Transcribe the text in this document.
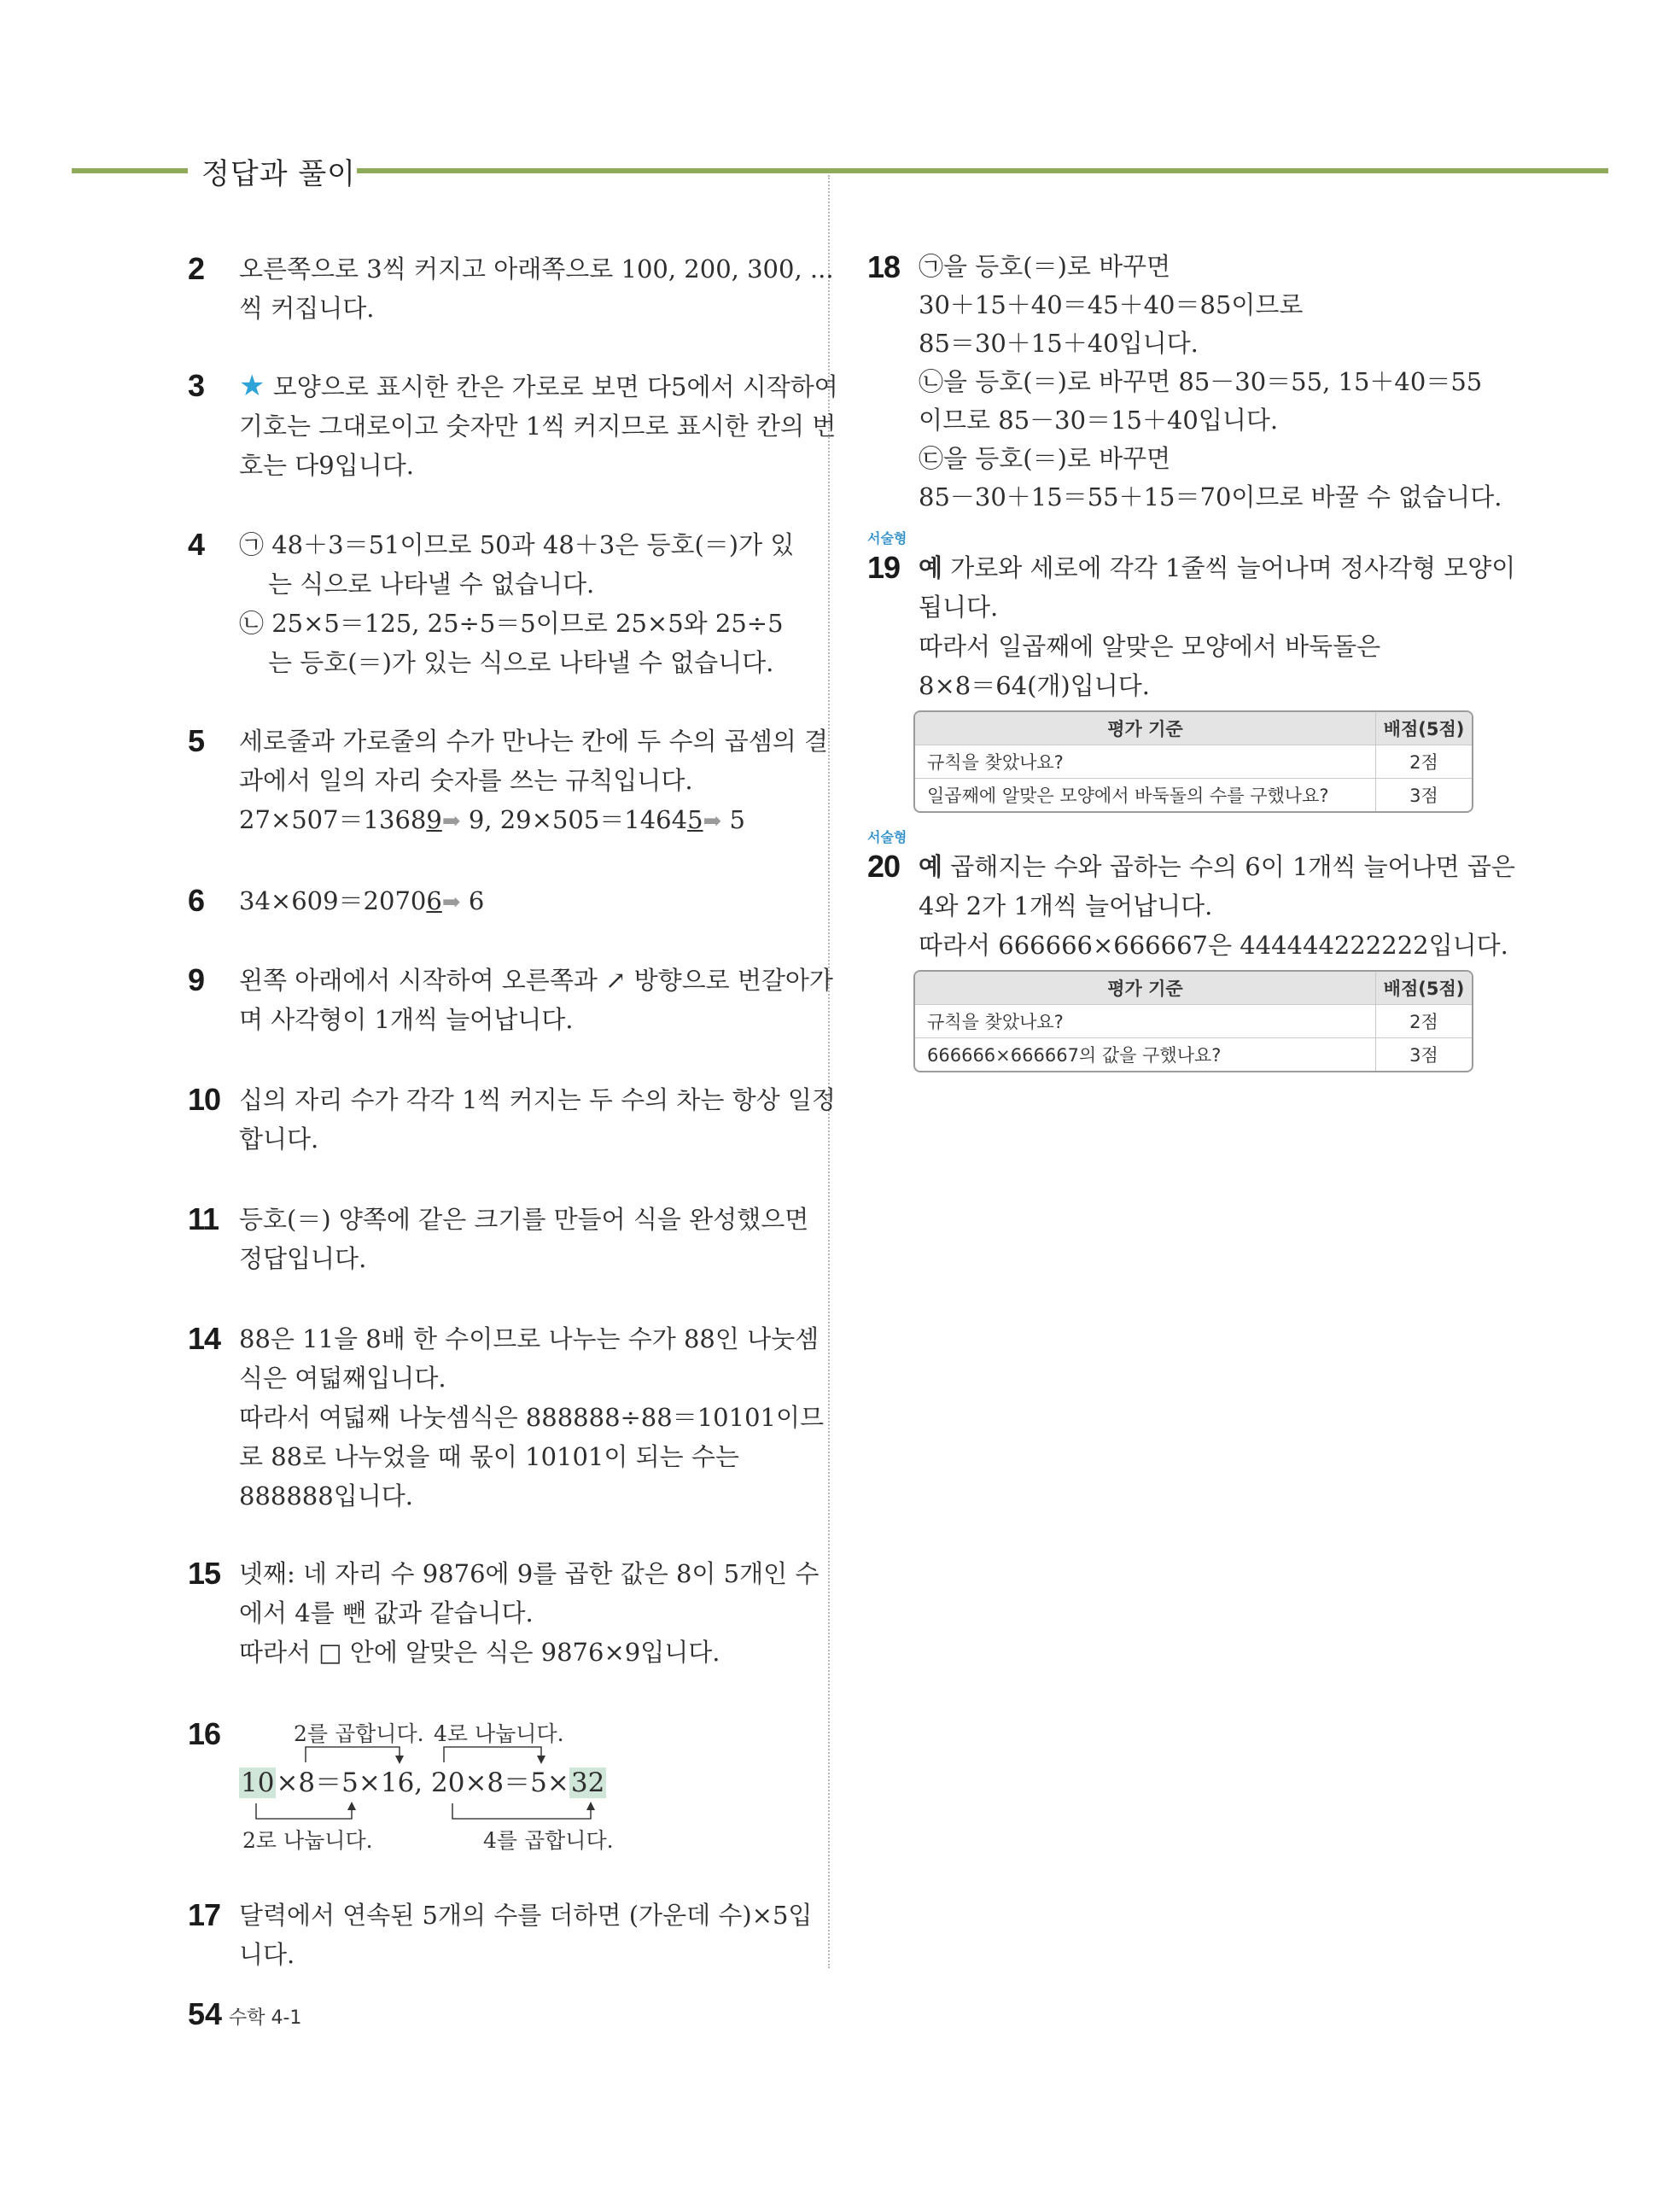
정답과 풀이
2 오른쪽으로 3씩 커지고 아래쪽으로 100, 200, 300, ...
씩 커집니다.
3 ★ 모양으로 표시한 칸은 가로로 보면 다5에서 시작하여
기호는 그대로이고 숫자만 1씩 커지므로 표시한 칸의 번
호는 다9입니다.
4 ㉠ 48＋3＝51이므로 50과 48＋3은 등호(＝)가 있
는 식으로 나타낼 수 없습니다.
㉡ 25×5＝125, 25÷5＝5이므로 25×5와 25÷5
는 등호(＝)가 있는 식으로 나타낼 수 없습니다.
5 세로줄과 가로줄의 수가 만나는 칸에 두 수의 곱셈의 결
과에서 일의 자리 숫자를 쓰는 규칙입니다.
27×507＝13689➡ 9, 29×505＝14645➡ 5
6 34×609＝20706➡ 6
9 왼쪽 아래에서 시작하여 오른쪽과 ↗ 방향으로 번갈아가
며 사각형이 1개씩 늘어납니다.
10 십의 자리 수가 각각 1씩 커지는 두 수의 차는 항상 일정
합니다.
11 등호(＝) 양쪽에 같은 크기를 만들어 식을 완성했으면
정답입니다.
14 88은 11을 8배 한 수이므로 나누는 수가 88인 나눗셈
식은 여덟째입니다.
따라서 여덟째 나눗셈식은 888888÷88＝10101이므
로 88로 나누었을 때 몫이 10101이 되는 수는
888888입니다.
15 넷째: 네 자리 수 9876에 9를 곱한 값은 8이 5개인 수
에서 4를 뺀 값과 같습니다.
따라서 □ 안에 알맞은 식은 9876×9입니다.
16	2를 곱합니다. 4로 나눕니다.
10×8＝5×16, 20×8＝5×32
2로 나눕니다.	4를 곱합니다.
17 달력에서 연속된 5개의 수를 더하면 (가운데 수)×5입
니다.
18 ㉠을 등호(＝)로 바꾸면
30＋15＋40＝45＋40＝85이므로
85＝30＋15＋40입니다.
㉡을 등호(＝)로 바꾸면 85－30＝55, 15＋40＝55
이므로 85－30＝15＋40입니다.
㉢을 등호(＝)로 바꾸면
85－30＋15＝55＋15＝70이므로 바꿀 수 없습니다.
서술형
19 예 가로와 세로에 각각 1줄씩 늘어나며 정사각형 모양이
됩니다.
따라서 일곱째에 알맞은 모양에서 바둑돌은
8×8＝64(개)입니다.
평가 기준	배점(5점)
규칙을 찾았나요?	2점
일곱째에 알맞은 모양에서 바둑돌의 수를 구했나요?	3점
서술형
20 예 곱해지는 수와 곱하는 수의 6이 1개씩 늘어나면 곱은
4와 2가 1개씩 늘어납니다.
따라서 666666×666667은 444444222222입니다.
평가 기준	배점(5점)
규칙을 찾았나요?	2점
666666×666667의 값을 구했나요?	3점
54 수학 4-1
